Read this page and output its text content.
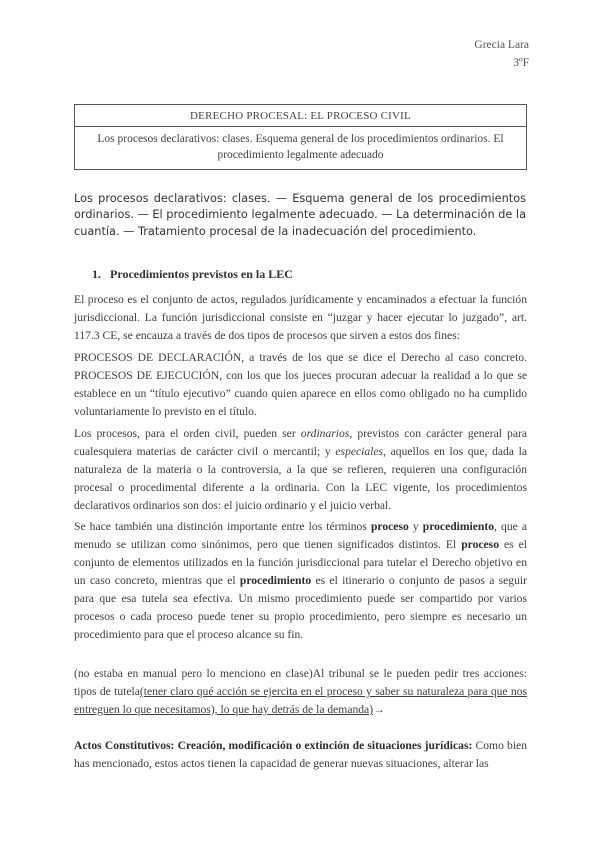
Grecia Lara
3ºF
DERECHO PROCESAL: EL PROCESO CIVIL
Los procesos declarativos: clases. Esquema general de los procedimientos ordinarios. El procedimiento legalmente adecuado
Los procesos declarativos: clases. — Esquema general de los procedimientos ordinarios. — El procedimiento legalmente adecuado. — La determinación de la cuantía. — Tratamiento procesal de la inadecuación del procedimiento.
1. Procedimientos previstos en la LEC
El proceso es el conjunto de actos, regulados jurídicamente y encaminados a efectuar la función jurisdiccional. La función jurisdiccional consiste en “juzgar y hacer ejecutar lo juzgado”, art. 117.3 CE, se encauza a través de dos tipos de procesos que sirven a estos dos fines:
PROCESOS DE DECLARACIÓN, a través de los que se dice el Derecho al caso concreto. PROCESOS DE EJECUCIÓN, con los que los jueces procuran adecuar la realidad a lo que se establece en un “título ejecutivo” cuando quien aparece en ellos como obligado no ha cumplido voluntariamente lo previsto en el título.
Los procesos, para el orden civil, pueden ser ordinarios, previstos con carácter general para cualesquiera materias de carácter civil o mercantil; y especiales, aquellos en los que, dada la naturaleza de la materia o la controversia, a la que se refieren, requieren una configuración procesal o procedimental diferente a la ordinaria. Con la LEC vigente, los procedimientos declarativos ordinarios son dos: el juicio ordinario y el juicio verbal.
Se hace también una distinción importante entre los términos proceso y procedimiento, que a menudo se utilizan como sinónimos, pero que tienen significados distintos. El proceso es el conjunto de elementos utilizados en la función jurisdiccional para tutelar el Derecho objetivo en un caso concreto, mientras que el procedimiento es el itinerario o conjunto de pasos a seguir para que esa tutela sea efectiva. Un mismo procedimiento puede ser compartido por varios procesos o cada proceso puede tener su propio procedimiento, pero siempre es necesario un procedimiento para que el proceso alcance su fin.
(no estaba en manual pero lo menciono en clase)Al tribunal se le pueden pedir tres acciones: tipos de tutela(tener claro qué acción se ejercita en el proceso y saber su naturaleza para que nos entreguen lo que necesitamos), lo que hay detrás de la demanda)→
Actos Constitutivos: Creación, modificación o extinción de situaciones jurídicas: Como bien has mencionado, estos actos tienen la capacidad de generar nuevas situaciones, alterar las
